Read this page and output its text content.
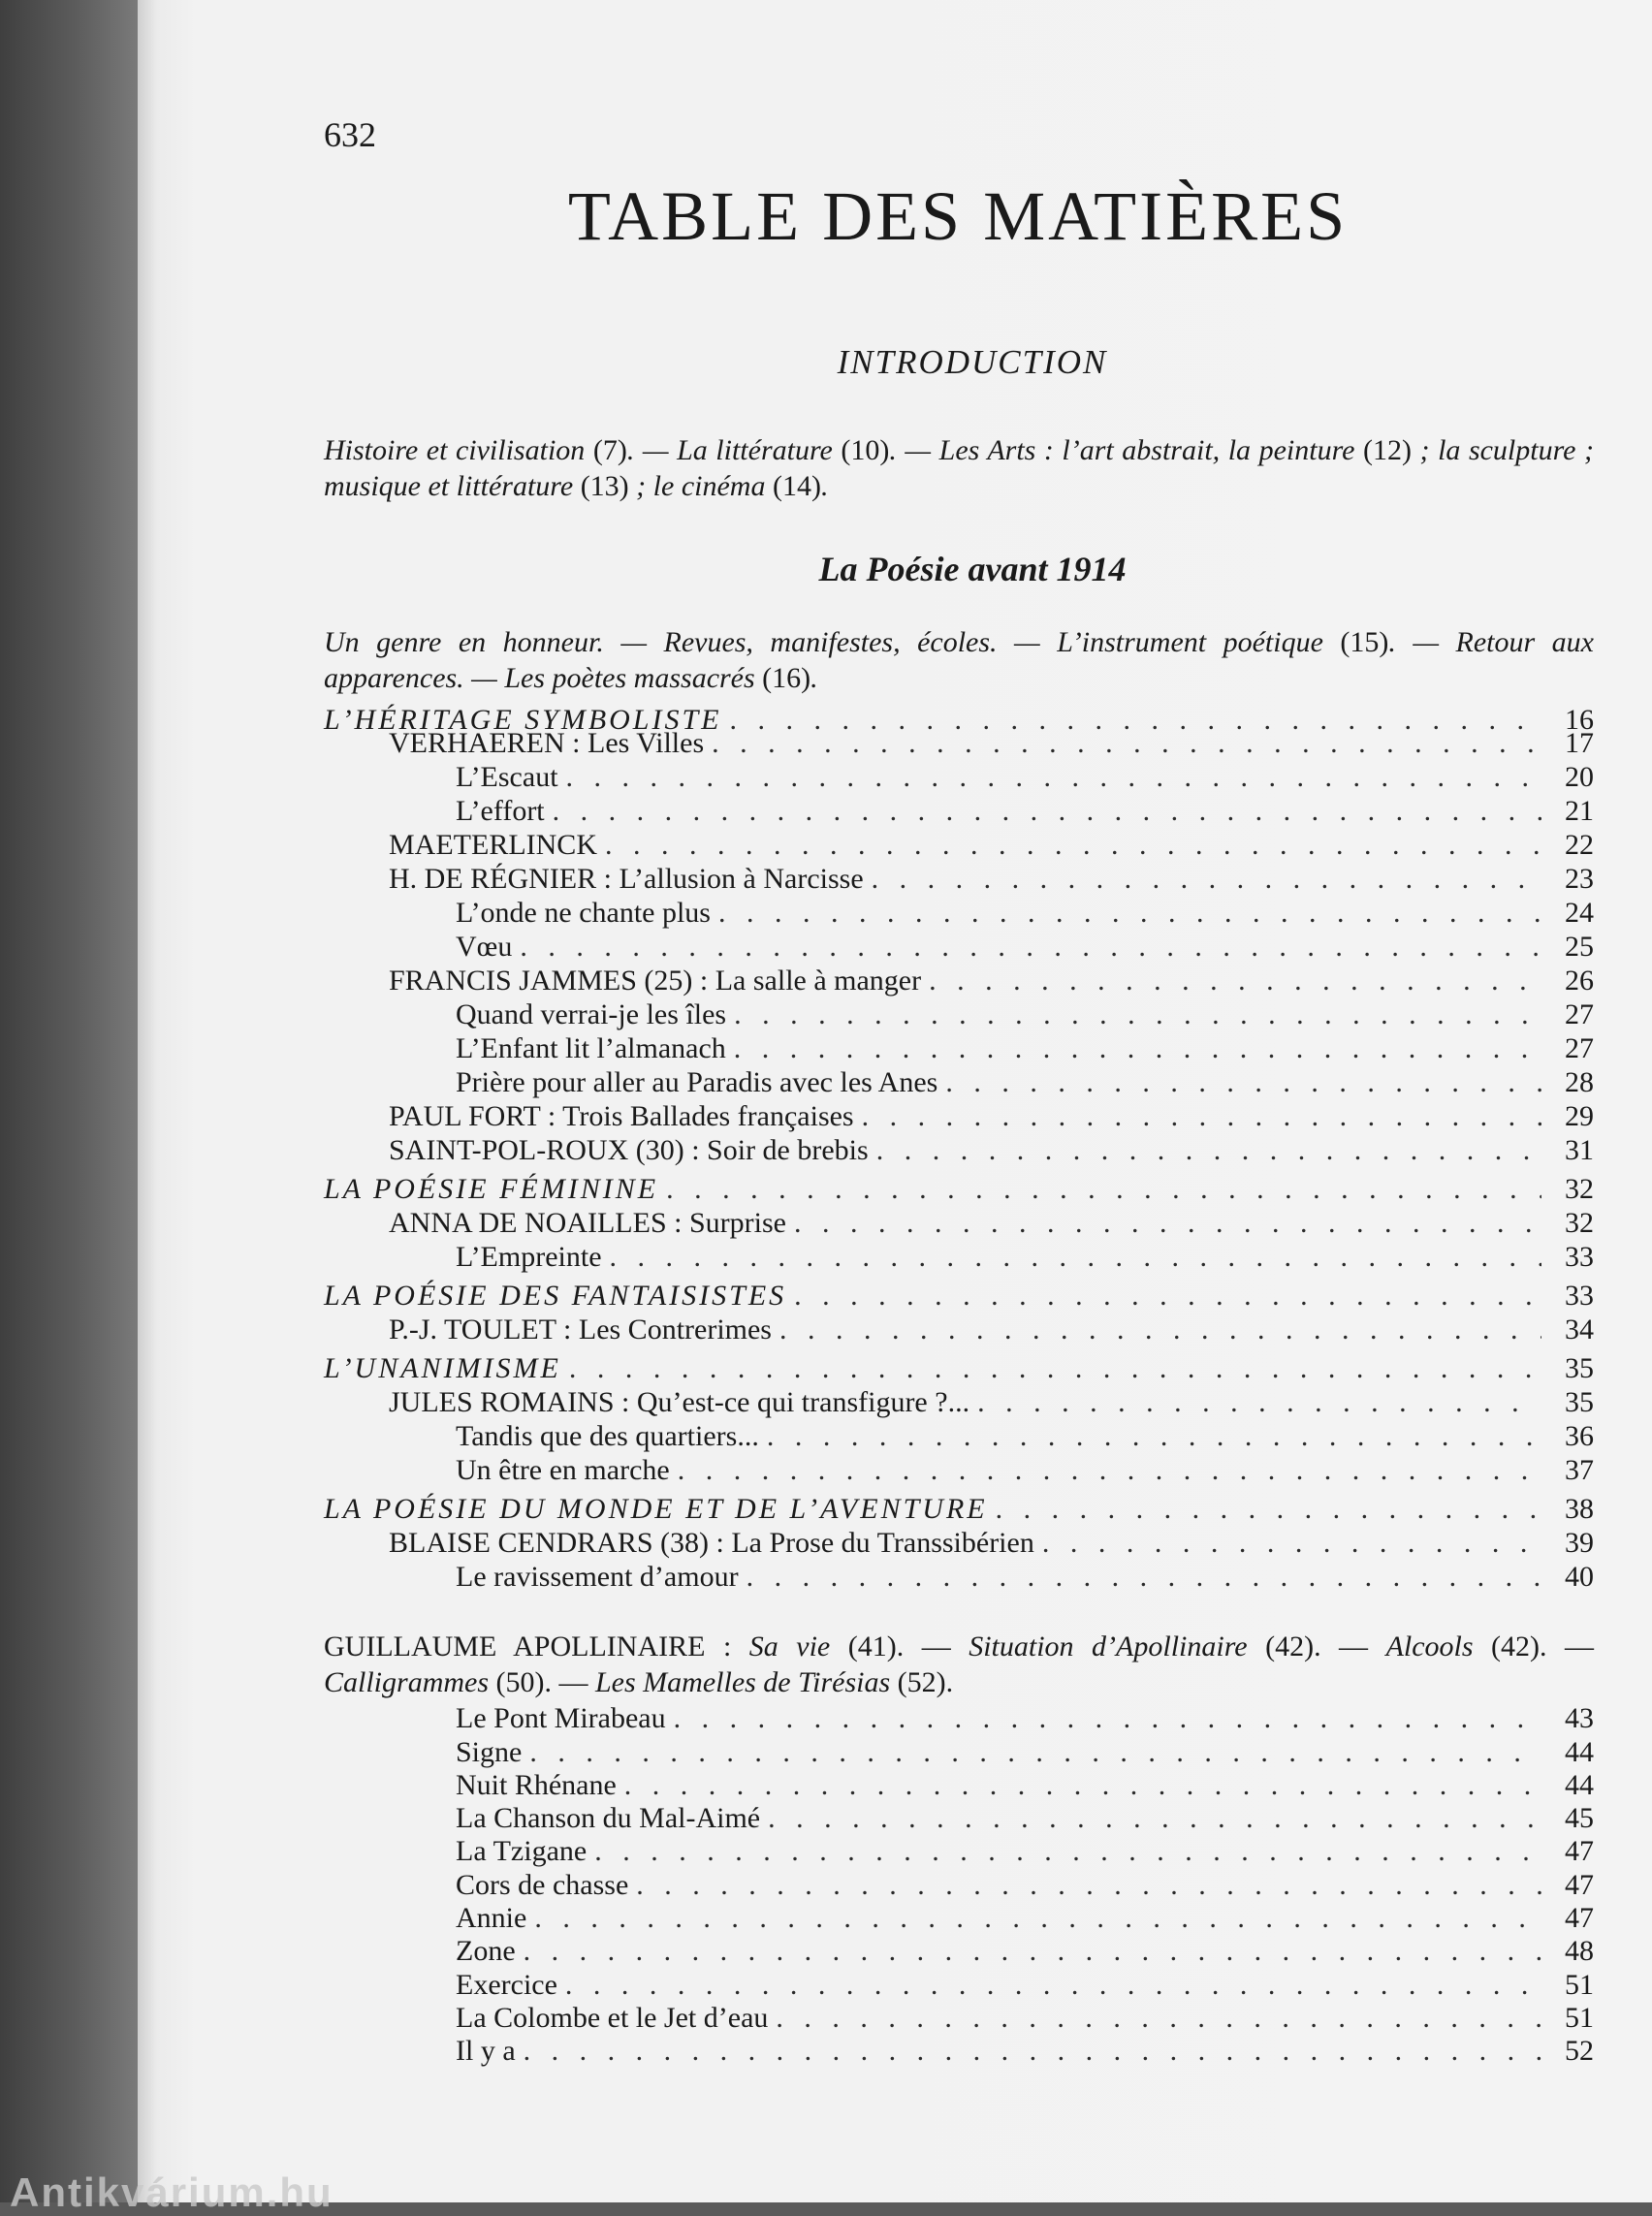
632
TABLE DES MATIÈRES
INTRODUCTION
Histoire et civilisation (7). — La littérature (10). — Les Arts : l’art abstrait, la peinture (12) ; la sculpture ; musique et littérature (13) ; le cinéma (14).
La Poésie avant 1914
Un genre en honneur. — Revues, manifestes, écoles. — L’instrument poétique (15). — Retour aux apparences. — Les poètes massacrés (16).
L’HÉRITAGE SYMBOLISTE . . .	16
VERHAEREN : Les Villes . . .	17
L’Escaut . . .	20
L’effort . . .	21
MAETERLINCK . . .	22
H. DE RÉGNIER : L’allusion à Narcisse . . .	23
L’onde ne chante plus . . .	24
Vœu . . .	25
FRANCIS JAMMES (25) : La salle à manger . . .	26
Quand verrai-je les îles . . .	27
L’Enfant lit l’almanach . . .	27
Prière pour aller au Paradis avec les Anes . . .	28
PAUL FORT : Trois Ballades françaises . . .	29
SAINT-POL-ROUX (30) : Soir de brebis . . .	31
LA POÉSIE FÉMININE . . .	32
ANNA DE NOAILLES : Surprise . . .	32
L’Empreinte . . .	33
LA POÉSIE DES FANTAISISTES . . .	33
P.-J. TOULET : Les Contrerimes . . .	34
L’UNANIMISME . . .	35
JULES ROMAINS : Qu’est-ce qui transfigure ?... . . .	35
Tandis que des quartiers... . . .	36
Un être en marche . . .	37
LA POÉSIE DU MONDE ET DE L’AVENTURE . . .	38
BLAISE CENDRARS (38) : La Prose du Transsibérien . . .	39
Le ravissement d’amour . . .	40
Le Pont Mirabeau . . .	43
Signe . . .	44
Nuit Rhénane . . .	44
La Chanson du Mal-Aimé . . .	45
La Tzigane . . .	47
Cors de chasse . . .	47
Annie . . .	47
Zone . . .	48
Exercice . . .	51
La Colombe et le Jet d’eau . . .	51
Il y a . . .	52
GUILLAUME APOLLINAIRE : Sa vie (41). — Situation d’Apollinaire (42). — Alcools (42). — Calligrammes (50). — Les Mamelles de Tirésias (52).
Antikvárium.hu
